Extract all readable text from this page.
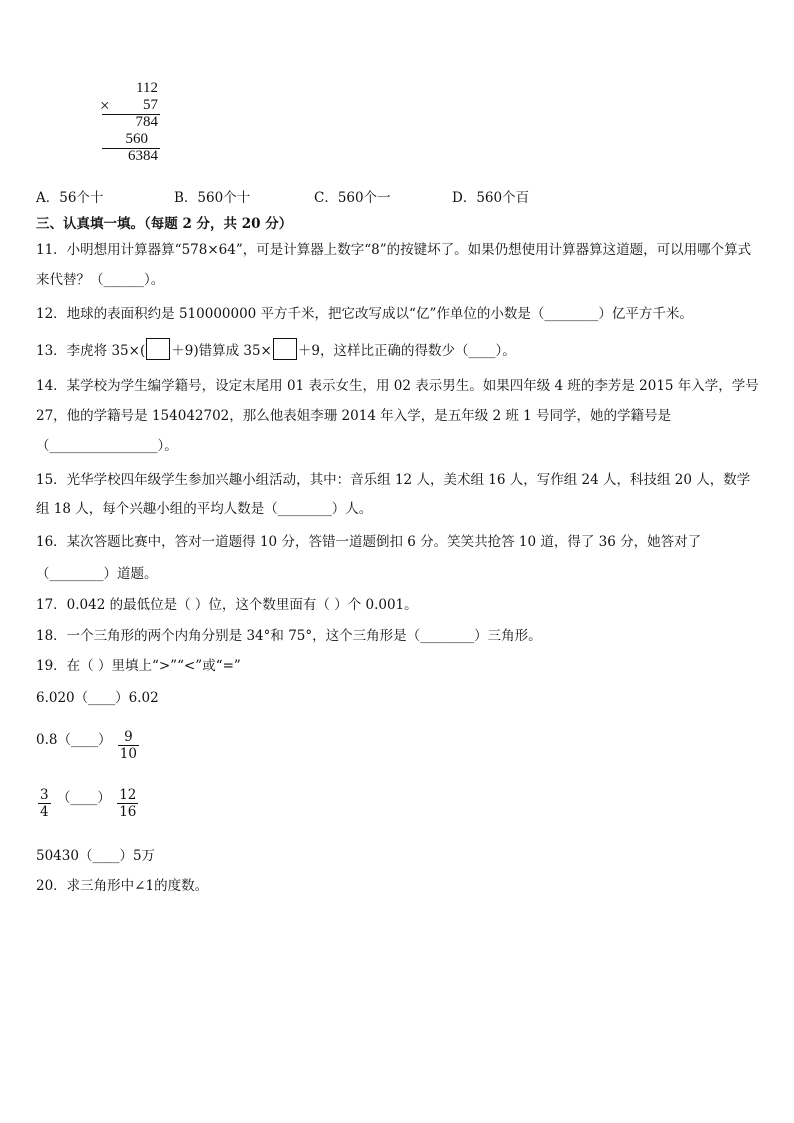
112
× 57
784
560
6384
A．56个十	B．560个十	C．560个一	D．560个百
三、认真填一填。（每题 2 分，共 20 分）
11．小明想用计算器算“578×64”，可是计算器上数字“8”的按键坏了。如果仍想使用计算器算这道题，可以用哪个算式
来代替？（______）。
12．地球的表面积约是 510000000 平方千米，把它改写成以“亿”作单位的小数是（________）亿平方千米。
13．李虎将 35×( ＋9)错算成 35× ＋9，这样比正确的得数少（____）。
14．某学校为学生编学籍号，设定末尾用 01 表示女生，用 02 表示男生。如果四年级 4 班的李芳是 2015 年入学，学号
27，他的学籍号是 154042702，那么他表姐李珊 2014 年入学，是五年级 2 班 1 号同学，她的学籍号是
（________________）。
15．光华学校四年级学生参加兴趣小组活动，其中：音乐组 12 人，美术组 16 人，写作组 24 人，科技组 20 人，数学
组 18 人，每个兴趣小组的平均人数是（________）人。
16．某次答题比赛中，答对一道题得 10 分，答错一道题倒扣 6 分。笑笑共抢答 10 道，得了 36 分，她答对了
（________）道题。
17．0.042 的最低位是（ ）位，这个数里面有（ ）个 0.001。
18．一个三角形的两个内角分别是 34°和 75°，这个三角形是（________）三角形。
19．在（ ）里填上“>”“<”或“=”
6.020（____）6.02
0.8（____） $\frac{9}{10}$
$\frac{3}{4}$ （____） $\frac{12}{16}$
50430（____）5万
20．求三角形中∠1的度数。
